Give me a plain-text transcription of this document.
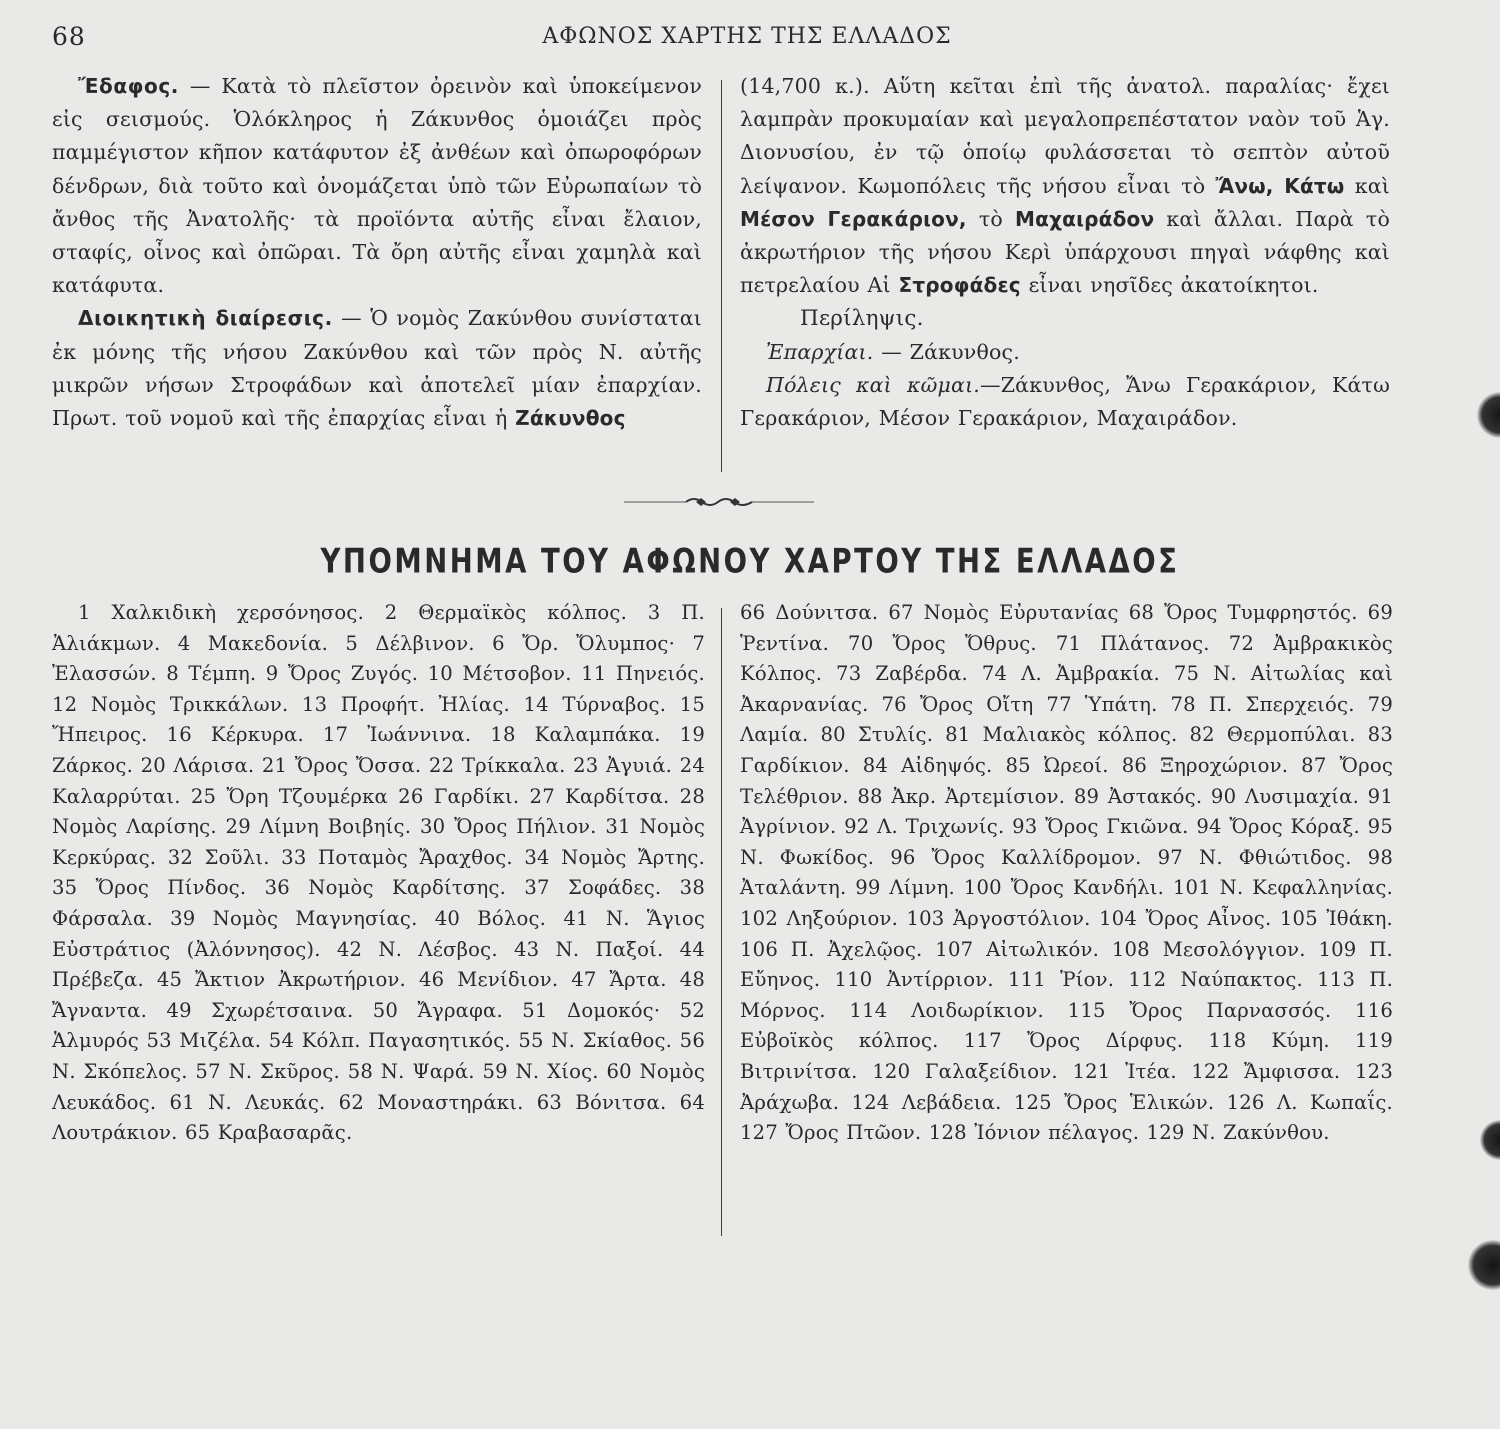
68	ΑΦΩΝΟΣ ΧΑΡΤΗΣ ΤΗΣ ΕΛΛΑΔΟΣ

Ἔδαφος. — Κατὰ τὸ πλεῖστον ὀρεινὸν καὶ ὑποκείμενον εἰς σεισμούς. Ὁλόκληρος ἡ Ζάκυνθος ὁμοιάζει πρὸς παμμέγιστον κῆπον κατάφυτον ἐξ ἀνθέων καὶ ὀπωροφόρων δένδρων, διὰ τοῦτο καὶ ὀνομάζεται ὑπὸ τῶν Εὐρωπαίων τὸ ἄνθος τῆς Ἀνατολῆς· τὰ προϊόντα αὐτῆς εἶναι ἔλαιον, σταφίς, οἶνος καὶ ὀπῶραι. Τὰ ὄρη αὐτῆς εἶναι χαμηλὰ καὶ κατάφυτα.

Διοικητικὴ διαίρεσις. — Ὁ νομὸς Ζακύνθου συνίσταται ἐκ μόνης τῆς νήσου Ζακύνθου καὶ τῶν πρὸς Ν. αὐτῆς μικρῶν νήσων Στροφάδων καὶ ἀποτελεῖ μίαν ἐπαρχίαν. Πρωτ. τοῦ νομοῦ καὶ τῆς ἐπαρχίας εἶναι ἡ Ζάκυνθος

(14,700 κ.). Αὕτη κεῖται ἐπὶ τῆς ἀνατολ. παραλίας· ἔχει λαμπρὰν προκυμαίαν καὶ μεγαλοπρεπέστατον ναὸν τοῦ Ἁγ. Διονυσίου, ἐν τῷ ὁποίῳ φυλάσσεται τὸ σεπτὸν αὐτοῦ λείψανον. Κωμοπόλεις τῆς νήσου εἶναι τὸ Ἄνω, Κάτω καὶ Μέσον Γερακάριον, τὸ Μαχαιράδον καὶ ἄλλαι. Παρὰ τὸ ἀκρωτήριον τῆς νήσου Κερὶ ὑπάρχουσι πηγαὶ νάφθης καὶ πετρελαίου Αἱ Στροφάδες εἶναι νησῖδες ἀκατοίκητοι.

Περίληψις.

Ἐπαρχίαι. — Ζάκυνθος.

Πόλεις καὶ κῶμαι.—Ζάκυνθος, Ἄνω Γερακάριον, Κάτω Γερακάριον, Μέσον Γερακάριον, Μαχαιράδον.

ΥΠΟΜΝΗΜΑ ΤΟΥ ΑΦΩΝΟΥ ΧΑΡΤΟΥ ΤΗΣ ΕΛΛΑΔΟΣ

1 Χαλκιδικὴ χερσόνησος. 2 Θερμαϊκὸς κόλπος. 3 Π. Ἁλιάκμων. 4 Μακεδονία. 5 Δέλβινον. 6 Ὄρ. Ὄλυμπος· 7 Ἐλασσών. 8 Τέμπη. 9 Ὄρος Ζυγός. 10 Μέτσοβον. 11 Πηνειός. 12 Νομὸς Τρικκάλων. 13 Προφήτ. Ἠλίας. 14 Τύρναβος. 15 Ἤπειρος. 16 Κέρκυρα. 17 Ἰωάννινα. 18 Καλαμπάκα. 19 Ζάρκος. 20 Λάρισα. 21 Ὄρος Ὄσσα. 22 Τρίκκαλα. 23 Ἀγυιά. 24 Καλαρρύται. 25 Ὄρη Τζουμέρκα 26 Γαρδίκι. 27 Καρδίτσα. 28 Νομὸς Λαρίσης. 29 Λίμνη Βοιβηίς. 30 Ὄρος Πήλιον. 31 Νομὸς Κερκύρας. 32 Σοῦλι. 33 Ποταμὸς Ἄραχθος. 34 Νομὸς Ἄρτης. 35 Ὄρος Πίνδος. 36 Νομὸς Καρδίτσης. 37 Σοφάδες. 38 Φάρσαλα. 39 Νομὸς Μαγνησίας. 40 Βόλος. 41 Ν. Ἅγιος Εὐστράτιος (Ἀλόννησος). 42 Ν. Λέσβος. 43 Ν. Παξοί. 44 Πρέβεζα. 45 Ἄκτιον Ἀκρωτήριον. 46 Μενίδιον. 47 Ἄρτα. 48 Ἄγναντα. 49 Σχωρέτσαινα. 50 Ἄγραφα. 51 Δομοκός· 52 Ἁλμυρός 53 Μιζέλα. 54 Κόλπ. Παγασητικός. 55 Ν. Σκίαθος. 56 Ν. Σκόπελος. 57 Ν. Σκῦρος. 58 Ν. Ψαρά. 59 Ν. Χίος. 60 Νομὸς Λευκάδος. 61 Ν. Λευκάς. 62 Μοναστηράκι. 63 Βόνιτσα. 64 Λουτράκιον. 65 Κραβασαρᾶς.

66 Δούνιτσα. 67 Νομὸς Εὐρυτανίας 68 Ὄρος Τυμφρηστός. 69 Ῥεντίνα. 70 Ὄρος Ὄθρυς. 71 Πλάτανος. 72 Ἀμβρακικὸς Κόλπος. 73 Ζαβέρδα. 74 Λ. Ἀμβρακία. 75 Ν. Αἰτωλίας καὶ Ἀκαρνανίας. 76 Ὄρος Οἴτη 77 Ὑπάτη. 78 Π. Σπερχειός. 79 Λαμία. 80 Στυλίς. 81 Μαλιακὸς κόλπος. 82 Θερμοπύλαι. 83 Γαρδίκιον. 84 Αἰδηψός. 85 Ὠρεοί. 86 Ξηροχώριον. 87 Ὄρος Τελέθριον. 88 Ἀκρ. Ἀρτεμίσιον. 89 Ἀστακός. 90 Λυσιμαχία. 91 Ἀγρίνιον. 92 Λ. Τριχωνίς. 93 Ὄρος Γκιῶνα. 94 Ὄρος Κόραξ. 95 Ν. Φωκίδος. 96 Ὄρος Καλλίδρομον. 97 Ν. Φθιώτιδος. 98 Ἀταλάντη. 99 Λίμνη. 100 Ὄρος Κανδήλι. 101 Ν. Κεφαλληνίας. 102 Ληξούριον. 103 Ἀργοστόλιον. 104 Ὄρος Αἶνος. 105 Ἰθάκη. 106 Π. Ἀχελῷος. 107 Αἰτωλικόν. 108 Μεσολόγγιον. 109 Π. Εὔηνος. 110 Ἀντίρριον. 111 Ῥίον. 112 Ναύπακτος. 113 Π. Μόρνος. 114 Λοιδωρίκιον. 115 Ὄρος Παρνασσός. 116 Εὐβοϊκὸς κόλπος. 117 Ὄρος Δίρφυς. 118 Κύμη. 119 Βιτρινίτσα. 120 Γαλαξείδιον. 121 Ἰτέα. 122 Ἄμφισσα. 123 Ἀράχωβα. 124 Λεβάδεια. 125 Ὄρος Ἑλικών. 126 Λ. Κωπαΐς. 127 Ὄρος Πτῶον. 128 Ἰόνιον πέλαγος. 129 Ν. Ζακύνθου.
